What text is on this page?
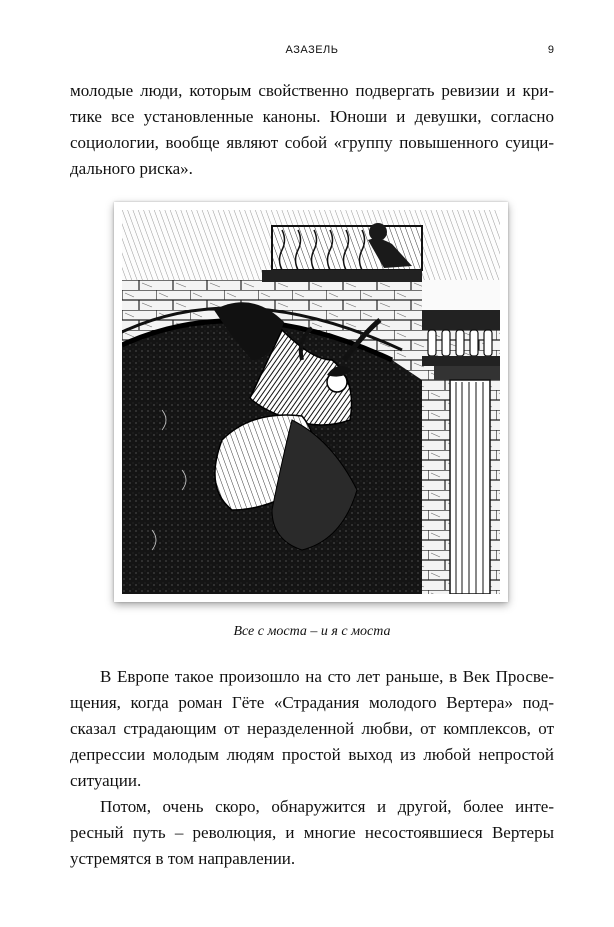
АЗАЗЕЛЬ	9
молодые люди, которым свойственно подвергать ревизии и кри-
тике все установленные каноны. Юноши и девушки, согласно
социологии, вообще являют собой «группу повышенного суици-
дального риска».
Все с моста – и я с моста
В Европе такое произошло на сто лет раньше, в Век Просве-
щения, когда роман Гёте «Страдания молодого Вертера» под-
сказал страдающим от неразделенной любви, от комплексов, от
депрессии молодым людям простой выход из любой непростой
ситуации.
Потом, очень скоро, обнаружится и другой, более инте-
ресный путь – революция, и многие несостоявшиеся Вертеры
устремятся в том направлении.
